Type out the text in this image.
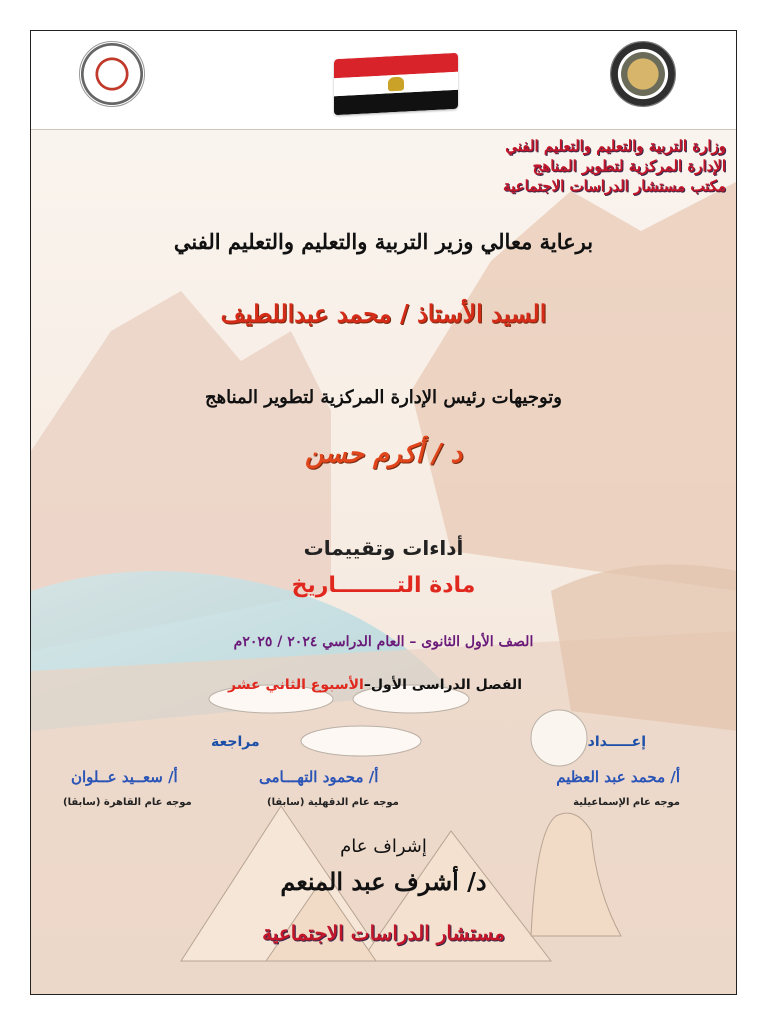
وزارة التربية والتعليم والتعليم الفني
الإدارة المركزية لتطوير المناهج
مكتب مستشار الدراسات الاجتماعية
برعاية معالي وزير التربية والتعليم والتعليم الفني
السيد الأستاذ / محمد عبداللطيف
وتوجيهات رئيس الإدارة المركزية لتطوير المناهج
د / أكرم حسن
أداءات وتقييمات
مادة التــــــــاريخ
الصف الأول الثانوى – العام الدراسي ٢٠٢٤ / ٢٠٢٥م
الفصل الدراسى الأول–الأسبوع الثاني عشر
إعـــــداد
مراجعة
أ/ محمد عبد العظيم
أ/ محمود التهـــامى
أ/ سعــيد عــلوان
موجه عام الإسماعيلية
موجه عام الدقهلية (سابقا)
موجه عام القاهرة (سابقا)
إشراف عام
د/ أشرف عبد المنعم
مستشار الدراسات الاجتماعية
